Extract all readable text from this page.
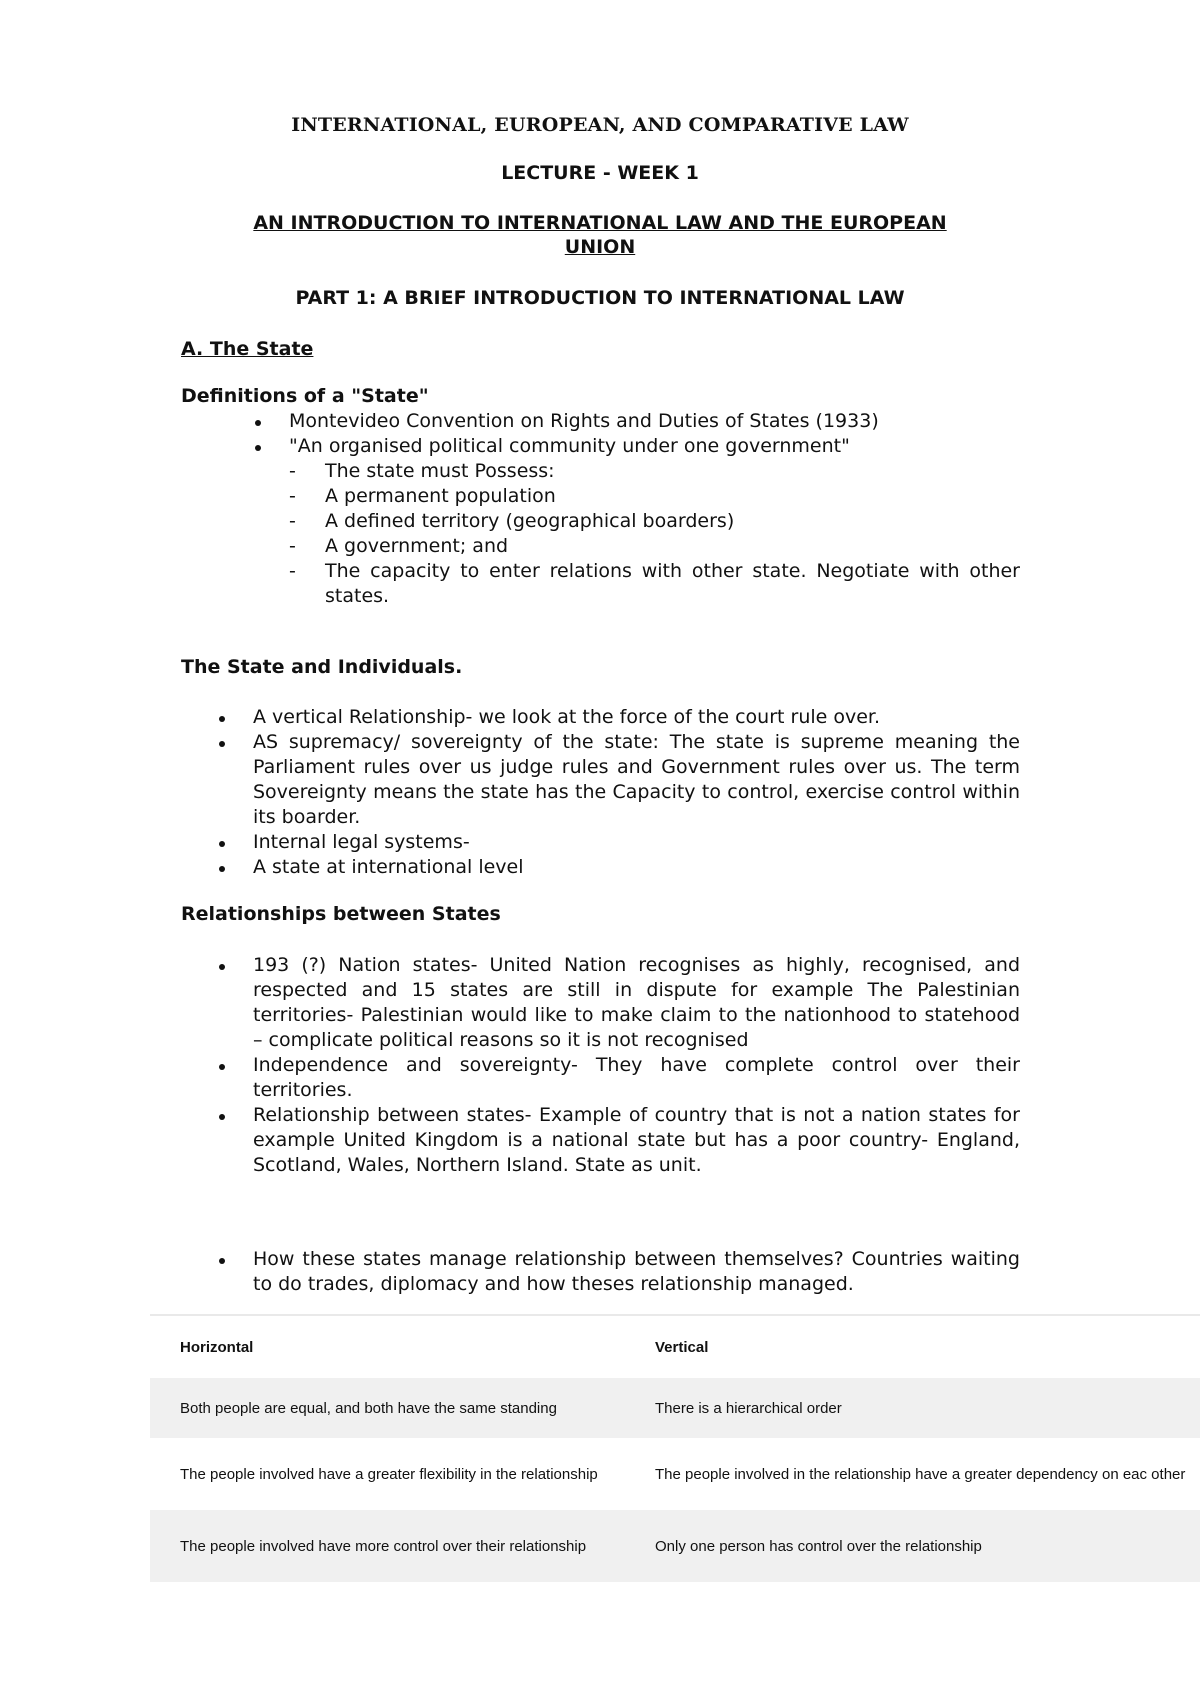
INTERNATIONAL, EUROPEAN, AND COMPARATIVE LAW
LECTURE - WEEK 1
AN INTRODUCTION TO INTERNATIONAL LAW AND THE EUROPEAN
UNION
PART 1: A BRIEF INTRODUCTION TO INTERNATIONAL LAW
A. The State
Definitions of a "State"
Montevideo Convention on Rights and Duties of States (1933)
"An organised political community under one government"
- The state must Possess:
- A permanent population
- A defined territory (geographical boarders)
- A government; and
- The capacity to enter relations with other state. Negotiate with other states.
The State and Individuals.
A vertical Relationship- we look at the force of the court rule over.
AS supremacy/ sovereignty of the state: The state is supreme meaning the Parliament rules over us judge rules and Government rules over us. The term Sovereignty means the state has the Capacity to control, exercise control within its boarder.
Internal legal systems-
A state at international level
Relationships between States
193 (?) Nation states- United Nation recognises as highly, recognised, and respected and 15 states are still in dispute for example The Palestinian territories- Palestinian would like to make claim to the nationhood to statehood – complicate political reasons so it is not recognised
Independence and sovereignty- They have complete control over their territories.
Relationship between states- Example of country that is not a nation states for example United Kingdom is a national state but has a poor country- England, Scotland, Wales, Northern Island. State as unit.
How these states manage relationship between themselves? Countries waiting to do trades, diplomacy and how theses relationship managed.
Horizontal	Vertical
Both people are equal, and both have the same standing	There is a hierarchical order
The people involved have a greater flexibility in the relationship	The people involved in the relationship have a greater dependency on eac other
The people involved have more control over their relationship	Only one person has control over the relationship
